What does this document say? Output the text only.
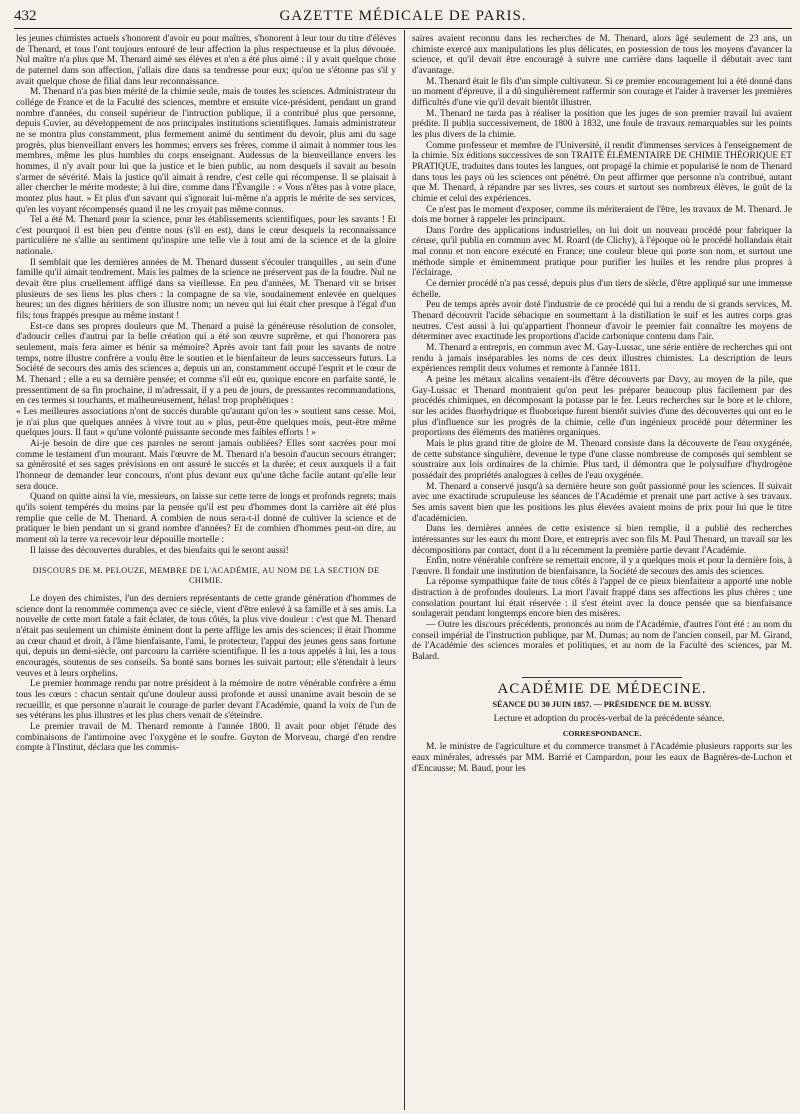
432	GAZETTE MÉDICALE DE PARIS.

les jeunes chimistes actuels s'honorent d'avoir eu pour maîtres, s'honorent à leur tour du titre d'élèves de Thenard, et tous l'ont toujours entouré de leur affection la plus respectueuse et la plus dévouée. Nul maître n'a plus que M. Thenard aimé ses élèves et n'en a été plus aimé : il y avait quelque chose de paternel dans son affection, j'allais dire dans sa tendresse pour eux; qu'on ne s'étonne pas s'il y avait quelque chose de filial dans leur reconnaissance.

M. Thenard n'a pas bien mérité de la chimie seule, mais de toutes les sciences. Administrateur du collége de France et de la Faculté des sciences, membre et ensuite vice-président, pendant un grand nombre d'années, du conseil supérieur de l'intruction publique, il a contribué plus que personne, depuis Cuvier, au développement de nos principales institutions scientifiques. Jamais administrateur ne se montra plus constamment, plus fermement animé du sentiment du devoir, plus ami du sage progrès, plus bienveillant envers les hommes; envers ses frères, comme il aimait à nommer tous les membres, même les plus humbles du corps enseignant. Audessus de la bienveillance envers les hommes, il n'y avait pour lui que la justice et le bien public, au nom desquels il savait au besoin s'armer de sévérité. Mais la justice qu'il aimait à rendre, c'est celle qui récompense. Il se plaisait à aller chercher le mérite modeste; à lui dire, comme dans l'Évangile : « Vous n'êtes pas à votre place, montez plus haut. » Et plus d'un savant qui s'ignorait lui-même n'a appris le mérite de ses services, qu'en les voyant récompensés quand il ne les croyait pas même connus.

Tel a été M. Thenard pour la science, pour les établissements scientifiques, pour les savants ! Et c'est pourquoi il est bien peu d'entre nous (s'il en est), dans le cœur desquels la reconnaissance particulière ne s'allie au sentiment qu'inspire une telle vie à tout ami de la science et de la gloire nationale.

Il semblait que les dernières années de M. Thenard dussent s'écouler tranquilles , au sein d'une famille qu'il aimait tendrement. Mais les palmes de la science ne préservent pas de la foudre. Nul ne devait être plus cruellement affligé dans sa vieillesse. En peu d'années, M. Thenard vit se briser plusieurs de ses liens les plus chers : la compagne de sa vie, soudainement enlevée en quelques heures; un des dignes héritiers de son illustre nom; un neveu qui lui était cher presque à l'égal d'un fils; tous frappés presque au même instant !

Est-ce dans ses propres douleurs que M. Thenard a puisé la généreuse résolution de consoler, d'adoucir celles d'autrui par la belle création qui a été son œuvre suprême, et qui l'honorera pas seulement, mais fera aimer et bénir sa mémoire? Après avoir tant fait pour les savants de notre temps, notre illustre confrère a voulu être le soutien et le bienfaiteur de leurs successeurs futurs. La Société de secours des amis des sciences a, depuis un an, constamment occupé l'esprit et le cœur de M. Thenard ; elle a eu sa dernière pensée; et comme s'il eût eu, quoique encore en parfaite santé, le pressentiment de sa fin prochaine, il m'adressait, il y a peu de jours, de pressantes recommandations, en ces termes si touchants, et malheureusement, hélas! trop prophétiques :

« Les meilleures associations n'ont de succès durable qu'autant qu'on les » soutient sans cesse. Moi, je n'ai plus que quelques années à vivre tout au » plus, peut-être quelques mois, peut-être même quelques jours. Il faut » qu'une volonté puissante seconde mes faibles efforts ! »

Ai-je besoin de dire que ces paroles ne seront jamais oubliées? Elles sont sacrées pour moi comme le testament d'un mourant. Mais l'œuvre de M. Thenard n'a besoin d'aucun secours étranger; sa générosité et ses sages prévisions en ont assuré le succès et la durée; et ceux auxquels il a fait l'honneur de demander leur concours, n'ont plus devant eux qu'une tâche facile autant qu'elle leur sera douce.

Quand on quitte ainsi la vie, messieurs, on laisse sur cette terre de longs et profonds regrets; mais qu'ils soient tempérés du moins par la pensée qu'il est peu d'hommes dont la carrière ait été plus remplie que celle de M. Thenard. A combien de nous sera-t-il donné de cultiver la science et de pratiquer le bien pendant un si grand nombre d'années? Et de combien d'hommes peut-on dire, au moment où la terre va recevoir leur dépouille mortelle :

Il laisse des découvertes durables, et des bienfaits qui le seront aussi!

DISCOURS DE M. PELOUZE, MEMBRE DE L'ACADÉMIE, AU NOM DE LA SECTION DE CHIMIE.

Le doyen des chimistes, l'un des derniers représentants de cette grande génération d'hommes de science dont la renommée commença avec ce siècle, vient d'être enlevé à sa famille et à ses amis. La nouvelle de cette mort fatale a fait éclater, de tous côtés, la plus vive douleur : c'est que M. Thenard n'était pas seulement un chimiste éminent dont la perte afflige les amis des sciences; il était l'homme au cœur chaud et droit, à l'âme bienfaisante, l'ami, le protecteur, l'appui des jeunes gens sans fortune qui, depuis un demi-siècle, ont parcouru la carrière scientifique. Il les a tous appelés à lui, les a tous encouragés, soutenus de ses conseils. Sa bonté sans bornes les suivait partout; elle s'étendait à leurs veuves et à leurs orphelins.

Le premier hommage rendu par notre président à la mémoire de notre vénérable confrère a ému tous les cœurs : chacun sentait qu'une douleur aussi profonde et aussi unanime avait besoin de se recueillir, et que personne n'aurait le courage de parler devant l'Académie, quand la voix de l'un de ses vétérans les plus illustres et les plus chers venait de s'éteindre.

Le premier travail de M. Thenard remonte à l'année 1800. Il avait pour objet l'étude des combinaisons de l'antimoine avec l'oxygène et le soufre. Guyton de Morveau, chargé d'en rendre compte à l'Institut, déclara que les commis-

saires avaient reconnu dans les recherches de M. Thenard, alors âgé seulement de 23 ans, un chimiste exercé aux manipulations les plus délicates, en possession de tous les moyens d'avancer la science, et qu'il devait être encouragé à suivre une carrière dans laquelle il débutait avec tant d'avantage.

M. Thenard était le fils d'un simple cultivateur. Si ce premier encouragement lui a été donné dans un moment d'épreuve, il a dû singulièrement raffermir son courage et l'aider à traverser les premières difficultés d'une vie qu'il devait bientôt illustrer.

M. Thenard ne tarda pas à réaliser la position que les juges de son premier travail lui avaient prédite. Il publia successivement, de 1800 à 1832, une foule de travaux remarquables sur les points les plus divers de la chimie.

Comme professeur et membre de l'Université, il rendit d'immenses services à l'enseignement de la chimie. Six éditions successives de son TRAITÉ ÉLÉMENTAIRE DE CHIMIE THÉORIQUE ET PRATIQUE, traduites dans toutes les langues, ont propagé la chimie et popularisé le nom de Thenard dans tous les pays où les sciences ont pénétré. On peut affirmer que personne n'a contribué, autant que M. Thenard, à répandre par ses livres, ses cours et surtout ses nombreux élèves, le goût de la chimie et celui des expériences.

Ce n'est pas le moment d'exposer, comme ils mériteraient de l'être, les travaux de M. Thenard. Je dois me borner à rappeler les principaux.

Dans l'ordre des applications industrielles, on lui doit un nouveau procédé pour fabriquer la céruse, qu'il publia en commun avec M. Roard (de Clichy), à l'époque où le procédé hollandais était mal connu et non encore exécuté en France; une couleur bleue qui porte son nom, et surtout une méthode simple et éminemment pratique pour purifier les huiles et les rendre plus propres à l'éclairage.

Ce dernier procédé n'a pas cessé, depuis plus d'un tiers de siècle, d'être appliqué sur une immense échelle.

Peu de temps après avoir doté l'industrie de ce procédé qui lui a rendu de si grands services, M. Thenard découvrit l'acide sébacique en soumettant à la distillation le suif et les autres corps gras neutres. C'est aussi à lui qu'appartient l'honneur d'avoir le premier fait connaître les moyens de déterminer avec exactitude les proportions d'acide carbonique contenu dans l'air.

M. Thenard a entrepris, en commun avec M. Gay-Lussac, une série entière de recherches qui ont rendu à jamais inséparables les noms de ces deux illustres chimistes. La description de leurs expériences remplit deux volumes et remonte à l'année 1811.

A peine les métaux alcalins venaient-ils d'être découverts par Davy, au moyen de la pile, que Gay-Lussac et Thenard montraient qu'on peut les préparer beaucoup plus facilement par des procédés chimiques, en décomposant la potasse par le fer. Leurs recherches sur le bore et le chlore, sur les acides fluorhydrique et fluoborique furent bientôt suivies d'une des découvertes qui ont eu le plus d'influence sur les progrès de la chimie, celle d'un ingénieux procédé pour déterminer les proportions des éléments des matières organiques.

Mais le plus grand titre de gloire de M. Thenard consiste dans la découverte de l'eau oxygénée, de cette substance singulière, devenue le type d'une classe nombreuse de composés qui semblent se soustraire aux lois ordinaires de la chimie. Plus tard, il démontra que le polysulfure d'hydrogène possédait des propriétés analogues à celles de l'eau oxygénée.

M. Thenard a conservé jusqu'à sa dernière heure son goût passionné pour les sciences. Il suivait avec une exactitude scrupuleuse les séances de l'Académie et prenait une part active à ses travaux. Ses amis savent bien que les positions les plus élevées avaient moins de prix pour lui que le titre d'académicien.

Dans les dernières années de cette existence si bien remplie, il a publié des recherches intéressantes sur les eaux du mont Dore, et entrepris avec son fils M. Paul Thenard, un travail sur les décompositions par contact, dont il a lu récemment la première partie devant l'Académie.

Enfin, notre vénérable confrère se remettait encore, il y a quelques mois et pour la dernière fois, à l'œuvre. Il fondait une institution de bienfaisance, la Société de secours des amis des sciences.

La réponse sympathique faite de tous côtés à l'appel de ce pieux bienfaiteur a apporté une noble distraction à de profondes douleurs. La mort l'avait frappé dans ses affections les plus chères ; une consolation pourtant lui était réservée : il s'est éteint avec la douce pensée que sa bienfaisance soulagerait pendant longtemps encore bien des misères.

— Outre les discours précédents, prononcés au nom de l'Académie, d'autres l'ont été : au nom du conseil impérial de l'instruction publique, par M. Dumas; au nom de l'ancien conseil, par M. Girand, de l'Académie des sciences morales et politiques, et au nom de la Faculté des sciences, par M. Balard.

ACADÉMIE DE MÉDECINE.
SÉANCE DU 30 JUIN 1857. — PRÉSIDENCE DE M. BUSSY.

Lecture et adoption du procès-verbal de la précédente séance.

CORRESPONDANCE.

M. le ministre de l'agriculture et du commerce transmet à l'Académie plusieurs rapports sur les eaux minérales, adressés par MM. Barrié et Campardon, pour les eaux de Bagnères-de-Luchon et d'Encausse; M. Baud, pour les
